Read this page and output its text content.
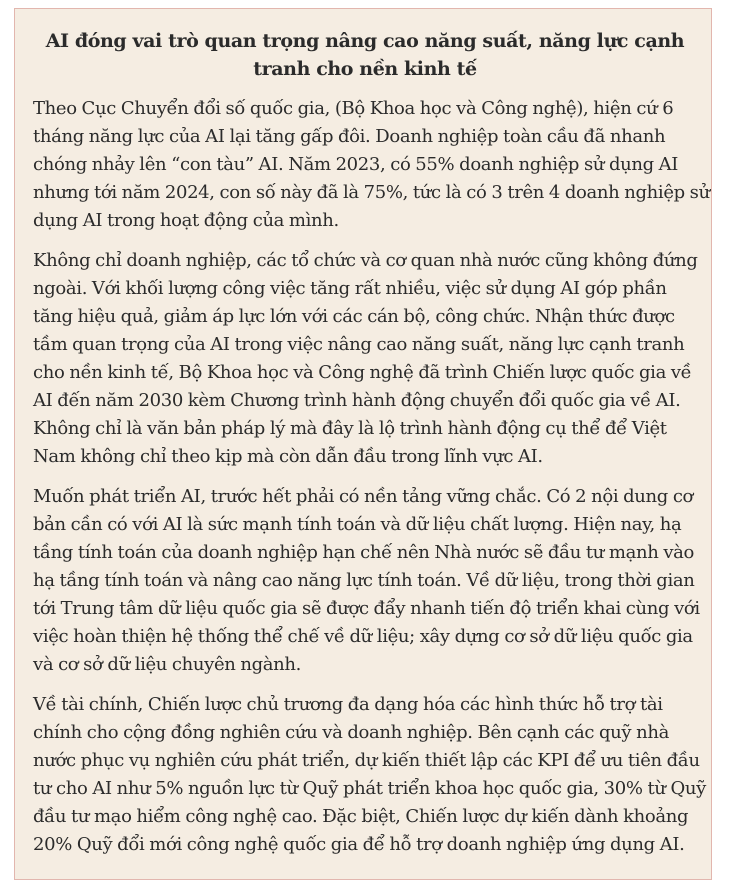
AI đóng vai trò quan trọng nâng cao năng suất, năng lực cạnh tranh cho nền kinh tế

Theo Cục Chuyển đổi số quốc gia, (Bộ Khoa học và Công nghệ), hiện cứ 6 tháng năng lực của AI lại tăng gấp đôi. Doanh nghiệp toàn cầu đã nhanh chóng nhảy lên “con tàu” AI. Năm 2023, có 55% doanh nghiệp sử dụng AI nhưng tới năm 2024, con số này đã là 75%, tức là có 3 trên 4 doanh nghiệp sử dụng AI trong hoạt động của mình.

Không chỉ doanh nghiệp, các tổ chức và cơ quan nhà nước cũng không đứng ngoài. Với khối lượng công việc tăng rất nhiều, việc sử dụng AI góp phần tăng hiệu quả, giảm áp lực lớn với các cán bộ, công chức. Nhận thức được tầm quan trọng của AI trong việc nâng cao năng suất, năng lực cạnh tranh cho nền kinh tế, Bộ Khoa học và Công nghệ đã trình Chiến lược quốc gia về AI đến năm 2030 kèm Chương trình hành động chuyển đổi quốc gia về AI. Không chỉ là văn bản pháp lý mà đây là lộ trình hành động cụ thể để Việt Nam không chỉ theo kịp mà còn dẫn đầu trong lĩnh vực AI.

Muốn phát triển AI, trước hết phải có nền tảng vững chắc. Có 2 nội dung cơ bản cần có với AI là sức mạnh tính toán và dữ liệu chất lượng. Hiện nay, hạ tầng tính toán của doanh nghiệp hạn chế nên Nhà nước sẽ đầu tư mạnh vào hạ tầng tính toán và nâng cao năng lực tính toán. Về dữ liệu, trong thời gian tới Trung tâm dữ liệu quốc gia sẽ được đẩy nhanh tiến độ triển khai cùng với việc hoàn thiện hệ thống thể chế về dữ liệu; xây dựng cơ sở dữ liệu quốc gia và cơ sở dữ liệu chuyên ngành.

Về tài chính, Chiến lược chủ trương đa dạng hóa các hình thức hỗ trợ tài chính cho cộng đồng nghiên cứu và doanh nghiệp. Bên cạnh các quỹ nhà nước phục vụ nghiên cứu phát triển, dự kiến thiết lập các KPI để ưu tiên đầu tư cho AI như 5% nguồn lực từ Quỹ phát triển khoa học quốc gia, 30% từ Quỹ đầu tư mạo hiểm công nghệ cao. Đặc biệt, Chiến lược dự kiến dành khoảng 20% Quỹ đổi mới công nghệ quốc gia để hỗ trợ doanh nghiệp ứng dụng AI.
